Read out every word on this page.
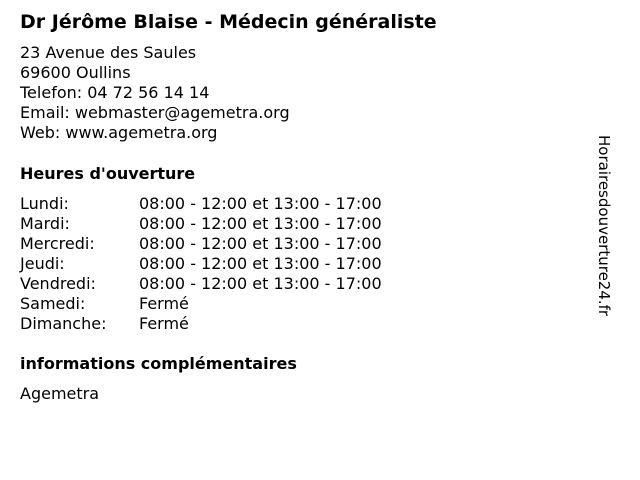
Dr Jérôme Blaise - Médecin généraliste
23 Avenue des Saules
69600 Oullins
Telefon: 04 72 56 14 14
Email: webmaster@agemetra.org
Web: www.agemetra.org
Heures d'ouverture
Lundi:	08:00 - 12:00 et 13:00 - 17:00
Mardi:	08:00 - 12:00 et 13:00 - 17:00
Mercredi:	08:00 - 12:00 et 13:00 - 17:00
Jeudi:	08:00 - 12:00 et 13:00 - 17:00
Vendredi:	08:00 - 12:00 et 13:00 - 17:00
Samedi:	Fermé
Dimanche: Fermé
informations complémentaires
Agemetra
Horairesdouverture24.fr
